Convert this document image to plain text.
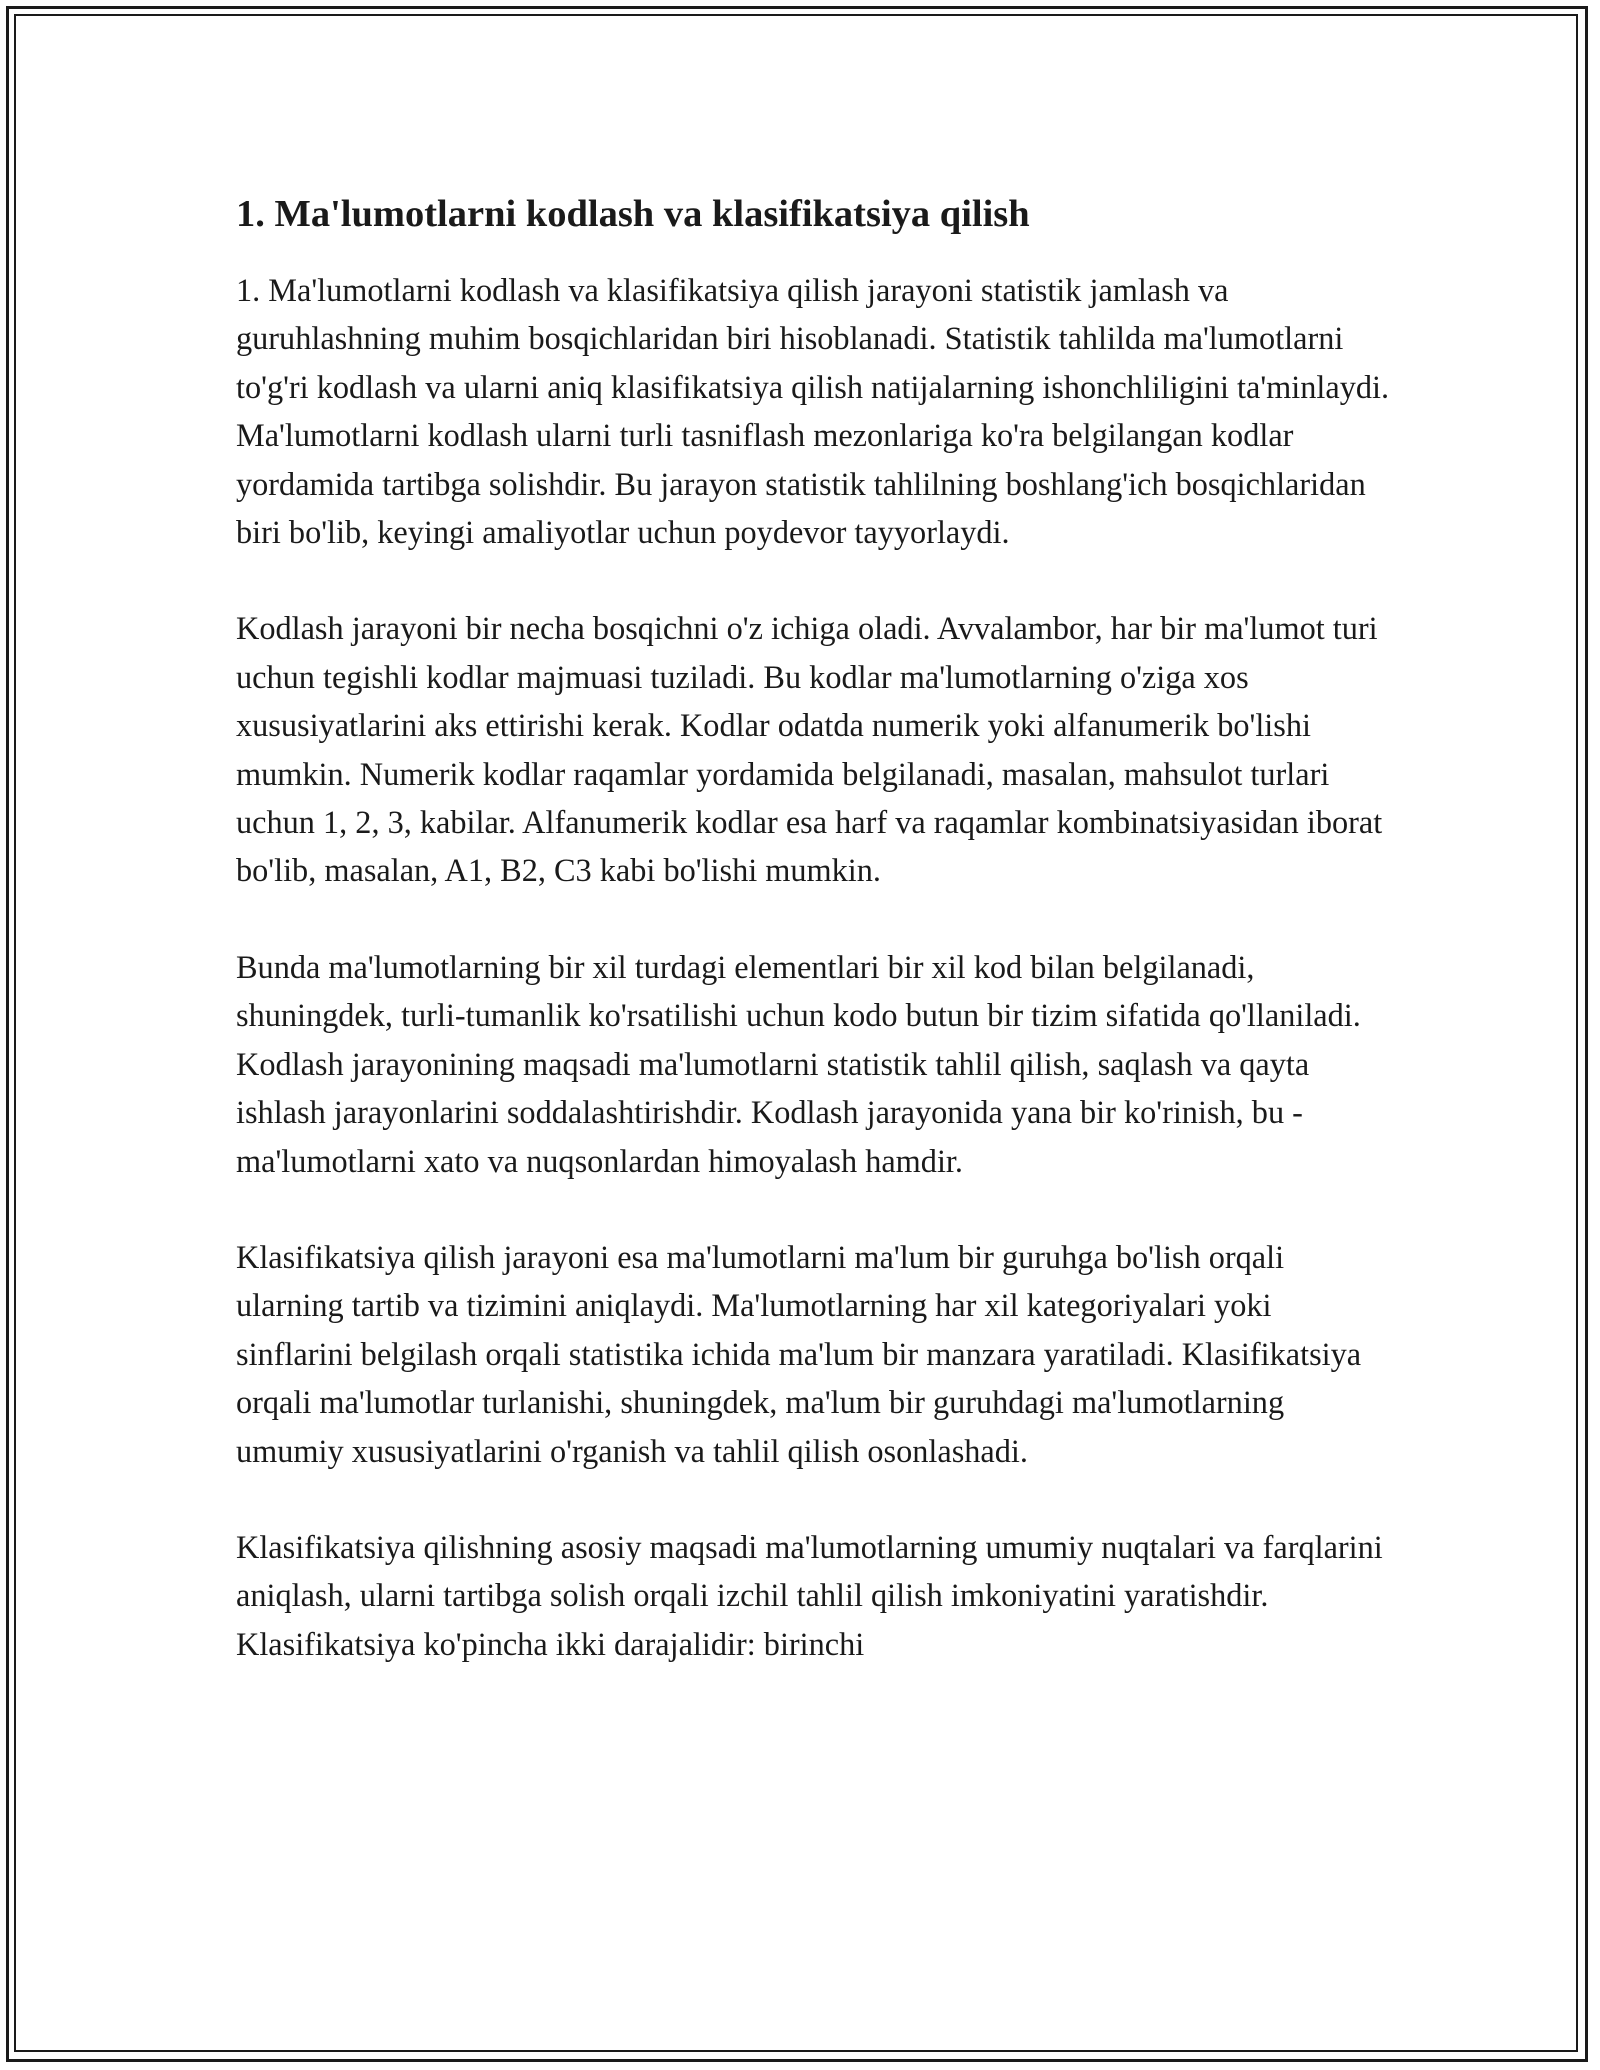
1. Ma'lumotlarni kodlash va klasifikatsiya qilish

1. Ma'lumotlarni kodlash va klasifikatsiya qilish jarayoni statistik jamlash va guruhlashning muhim bosqichlaridan biri hisoblanadi. Statistik tahlilda ma'lumotlarni to'g'ri kodlash va ularni aniq klasifikatsiya qilish natijalarning ishonchliligini ta'minlaydi. Ma'lumotlarni kodlash ularni turli tasniflash mezonlariga ko'ra belgilangan kodlar yordamida tartibga solishdir. Bu jarayon statistik tahlilning boshlang'ich bosqichlaridan biri bo'lib, keyingi amaliyotlar uchun poydevor tayyorlaydi.

Kodlash jarayoni bir necha bosqichni o'z ichiga oladi. Avvalambor, har bir ma'lumot turi uchun tegishli kodlar majmuasi tuziladi. Bu kodlar ma'lumotlarning o'ziga xos xususiyatlarini aks ettirishi kerak. Kodlar odatda numerik yoki alfanumerik bo'lishi mumkin. Numerik kodlar raqamlar yordamida belgilanadi, masalan, mahsulot turlari uchun 1, 2, 3, kabilar. Alfanumerik kodlar esa harf va raqamlar kombinatsiyasidan iborat bo'lib, masalan, A1, B2, C3 kabi bo'lishi mumkin.

Bunda ma'lumotlarning bir xil turdagi elementlari bir xil kod bilan belgilanadi, shuningdek, turli-tumanlik ko'rsatilishi uchun kodo butun bir tizim sifatida qo'llaniladi. Kodlash jarayonining maqsadi ma'lumotlarni statistik tahlil qilish, saqlash va qayta ishlash jarayonlarini soddalashtirishdir. Kodlash jarayonida yana bir ko'rinish, bu - ma'lumotlarni xato va nuqsonlardan himoyalash hamdir.

Klasifikatsiya qilish jarayoni esa ma'lumotlarni ma'lum bir guruhga bo'lish orqali ularning tartib va tizimini aniqlaydi. Ma'lumotlarning har xil kategoriyalari yoki sinflarini belgilash orqali statistika ichida ma'lum bir manzara yaratiladi. Klasifikatsiya orqali ma'lumotlar turlanishi, shuningdek, ma'lum bir guruhdagi ma'lumotlarning umumiy xususiyatlarini o'rganish va tahlil qilish osonlashadi.

Klasifikatsiya qilishning asosiy maqsadi ma'lumotlarning umumiy nuqtalari va farqlarini aniqlash, ularni tartibga solish orqali izchil tahlil qilish imkoniyatini yaratishdir. Klasifikatsiya ko'pincha ikki darajalidir: birinchi
